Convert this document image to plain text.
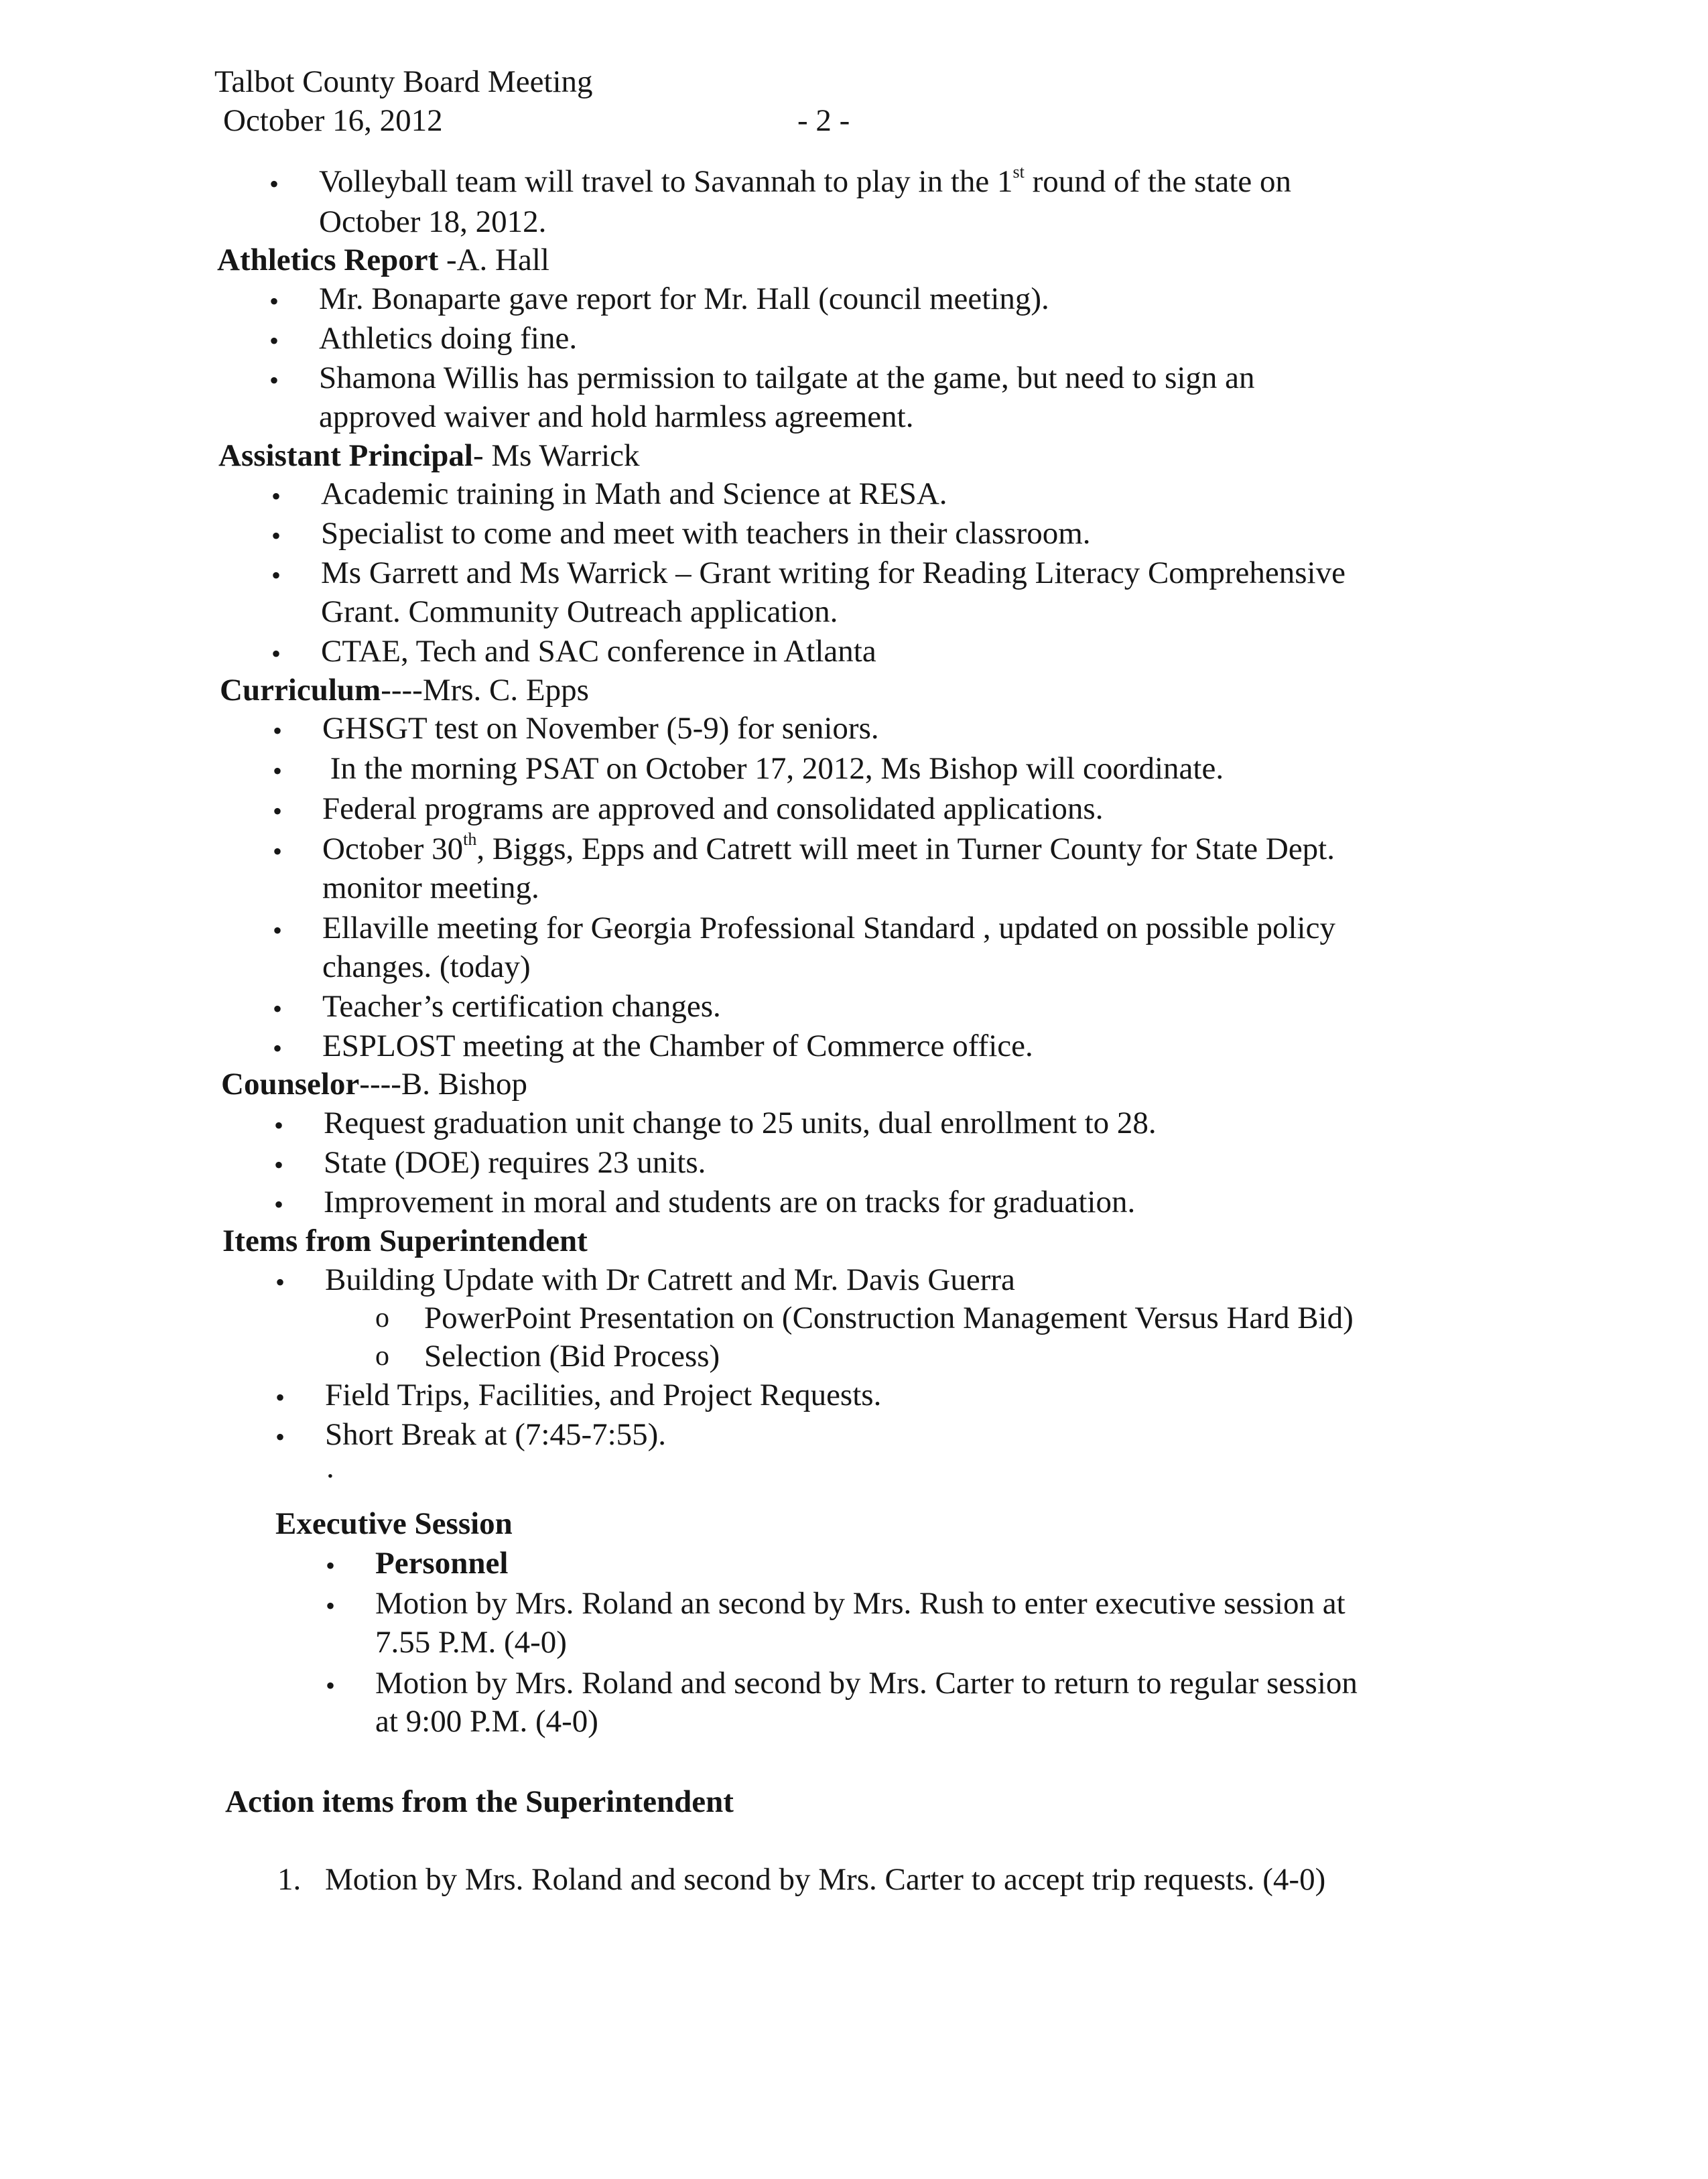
Talbot County Board Meeting
October 16, 2012	- 2 -
• Volleyball team will travel to Savannah to play in the 1st round of the state on
October 18, 2012.
Athletics Report -A. Hall
• Mr. Bonaparte gave report for Mr. Hall (council meeting).
• Athletics doing fine.
• Shamona Willis has permission to tailgate at the game, but need to sign an
approved waiver and hold harmless agreement.
Assistant Principal- Ms Warrick
• Academic training in Math and Science at RESA.
• Specialist to come and meet with teachers in their classroom.
• Ms Garrett and Ms Warrick – Grant writing for Reading Literacy Comprehensive
Grant. Community Outreach application.
• CTAE, Tech and SAC conference in Atlanta
Curriculum----Mrs. C. Epps
• GHSGT test on November (5-9) for seniors.
• In the morning PSAT on October 17, 2012, Ms Bishop will coordinate.
• Federal programs are approved and consolidated applications.
• October 30th, Biggs, Epps and Catrett will meet in Turner County for State Dept.
monitor meeting.
• Ellaville meeting for Georgia Professional Standard , updated on possible policy
changes. (today)
• Teacher’s certification changes.
• ESPLOST meeting at the Chamber of Commerce office.
Counselor----B. Bishop
• Request graduation unit change to 25 units, dual enrollment to 28.
• State (DOE) requires 23 units.
• Improvement in moral and students are on tracks for graduation.
Items from Superintendent
• Building Update with Dr Catrett and Mr. Davis Guerra
o PowerPoint Presentation on (Construction Management Versus Hard Bid)
o Selection (Bid Process)
• Field Trips, Facilities, and Project Requests.
• Short Break at (7:45-7:55).
.
Executive Session
• Personnel
• Motion by Mrs. Roland an second by Mrs. Rush to enter executive session at
7.55 P.M. (4-0)
• Motion by Mrs. Roland and second by Mrs. Carter to return to regular session
at 9:00 P.M. (4-0)
Action items from the Superintendent
1. Motion by Mrs. Roland and second by Mrs. Carter to accept trip requests. (4-0)
